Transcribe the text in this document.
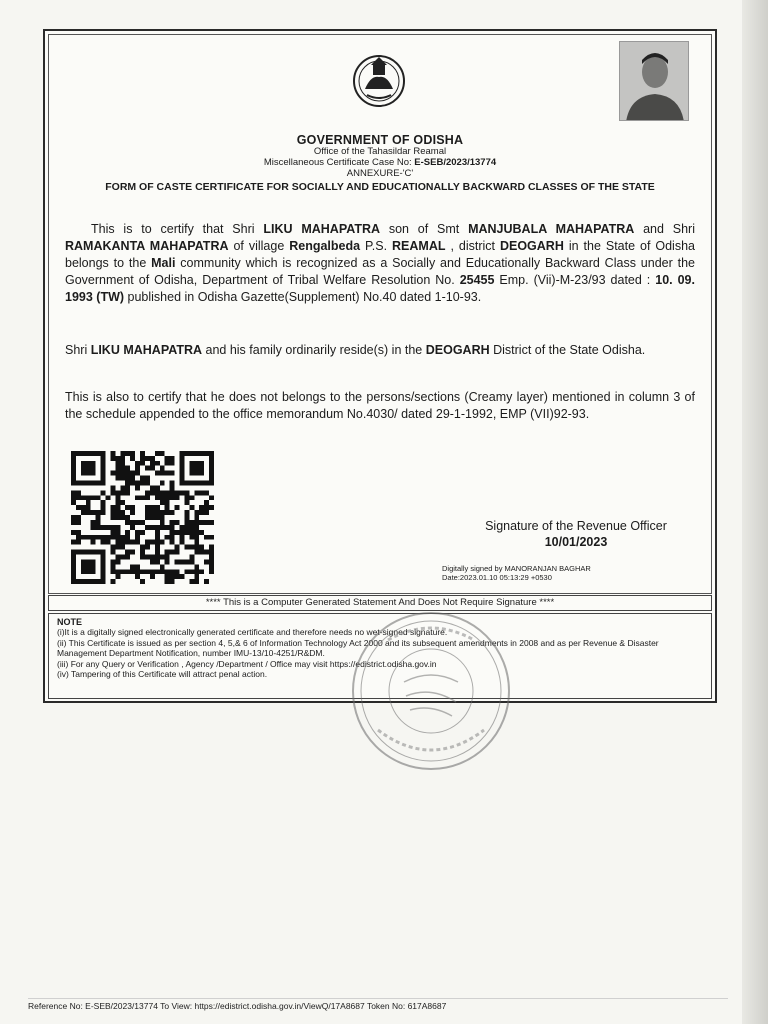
GOVERNMENT OF ODISHA
Office of the Tahasildar Reamal
Miscellaneous Certificate Case No: E-SEB/2023/13774
ANNEXURE-'C'
FORM OF CASTE CERTIFICATE FOR SOCIALLY AND EDUCATIONALLY BACKWARD CLASSES OF THE STATE
This is to certify that Shri LIKU MAHAPATRA son of Smt MANJUBALA MAHAPATRA and Shri RAMAKANTA MAHAPATRA of village Rengalbeda P.S. REAMAL , district DEOGARH in the State of Odisha belongs to the Mali community which is recognized as a Socially and Educationally Backward Class under the Government of Odisha, Department of Tribal Welfare Resolution No. 25455 Emp. (Vii)-M-23/93 dated : 10. 09. 1993 (TW) published in Odisha Gazette(Supplement) No.40 dated 1-10-93.
Shri LIKU MAHAPATRA and his family ordinarily reside(s) in the DEOGARH District of the State Odisha.
This is also to certify that he does not belongs to the persons/sections (Creamy layer) mentioned in column 3 of the schedule appended to the office memorandum No.4030/ dated 29-1-1992, EMP (VII)92-93.
Signature of the Revenue Officer
10/01/2023
Digitally signed by MANORANJAN BAGHAR
Date:2023.01.10 05:13:29 +0530
**** This is a Computer Generated Statement And Does Not Require Signature ****
NOTE
(i)It is a digitally signed electronically generated certificate and therefore needs no wet-signed signature.
(ii) This Certificate is issued as per section 4, 5,& 6 of Information Technology Act 2000 and its subsequent amendments in 2008 and as per Revenue & Disaster Management Department Notification, number IMU-13/10-4251/R&DM.
(iii) For any Query or Verification , Agency /Department / Office may visit https://edistrict.odisha.gov.in
(iv) Tampering of this Certificate will attract penal action.
Reference No: E-SEB/2023/13774 To View: https://edistrict.odisha.gov.in/ViewQ/17A8687 Token No: 617A8687
